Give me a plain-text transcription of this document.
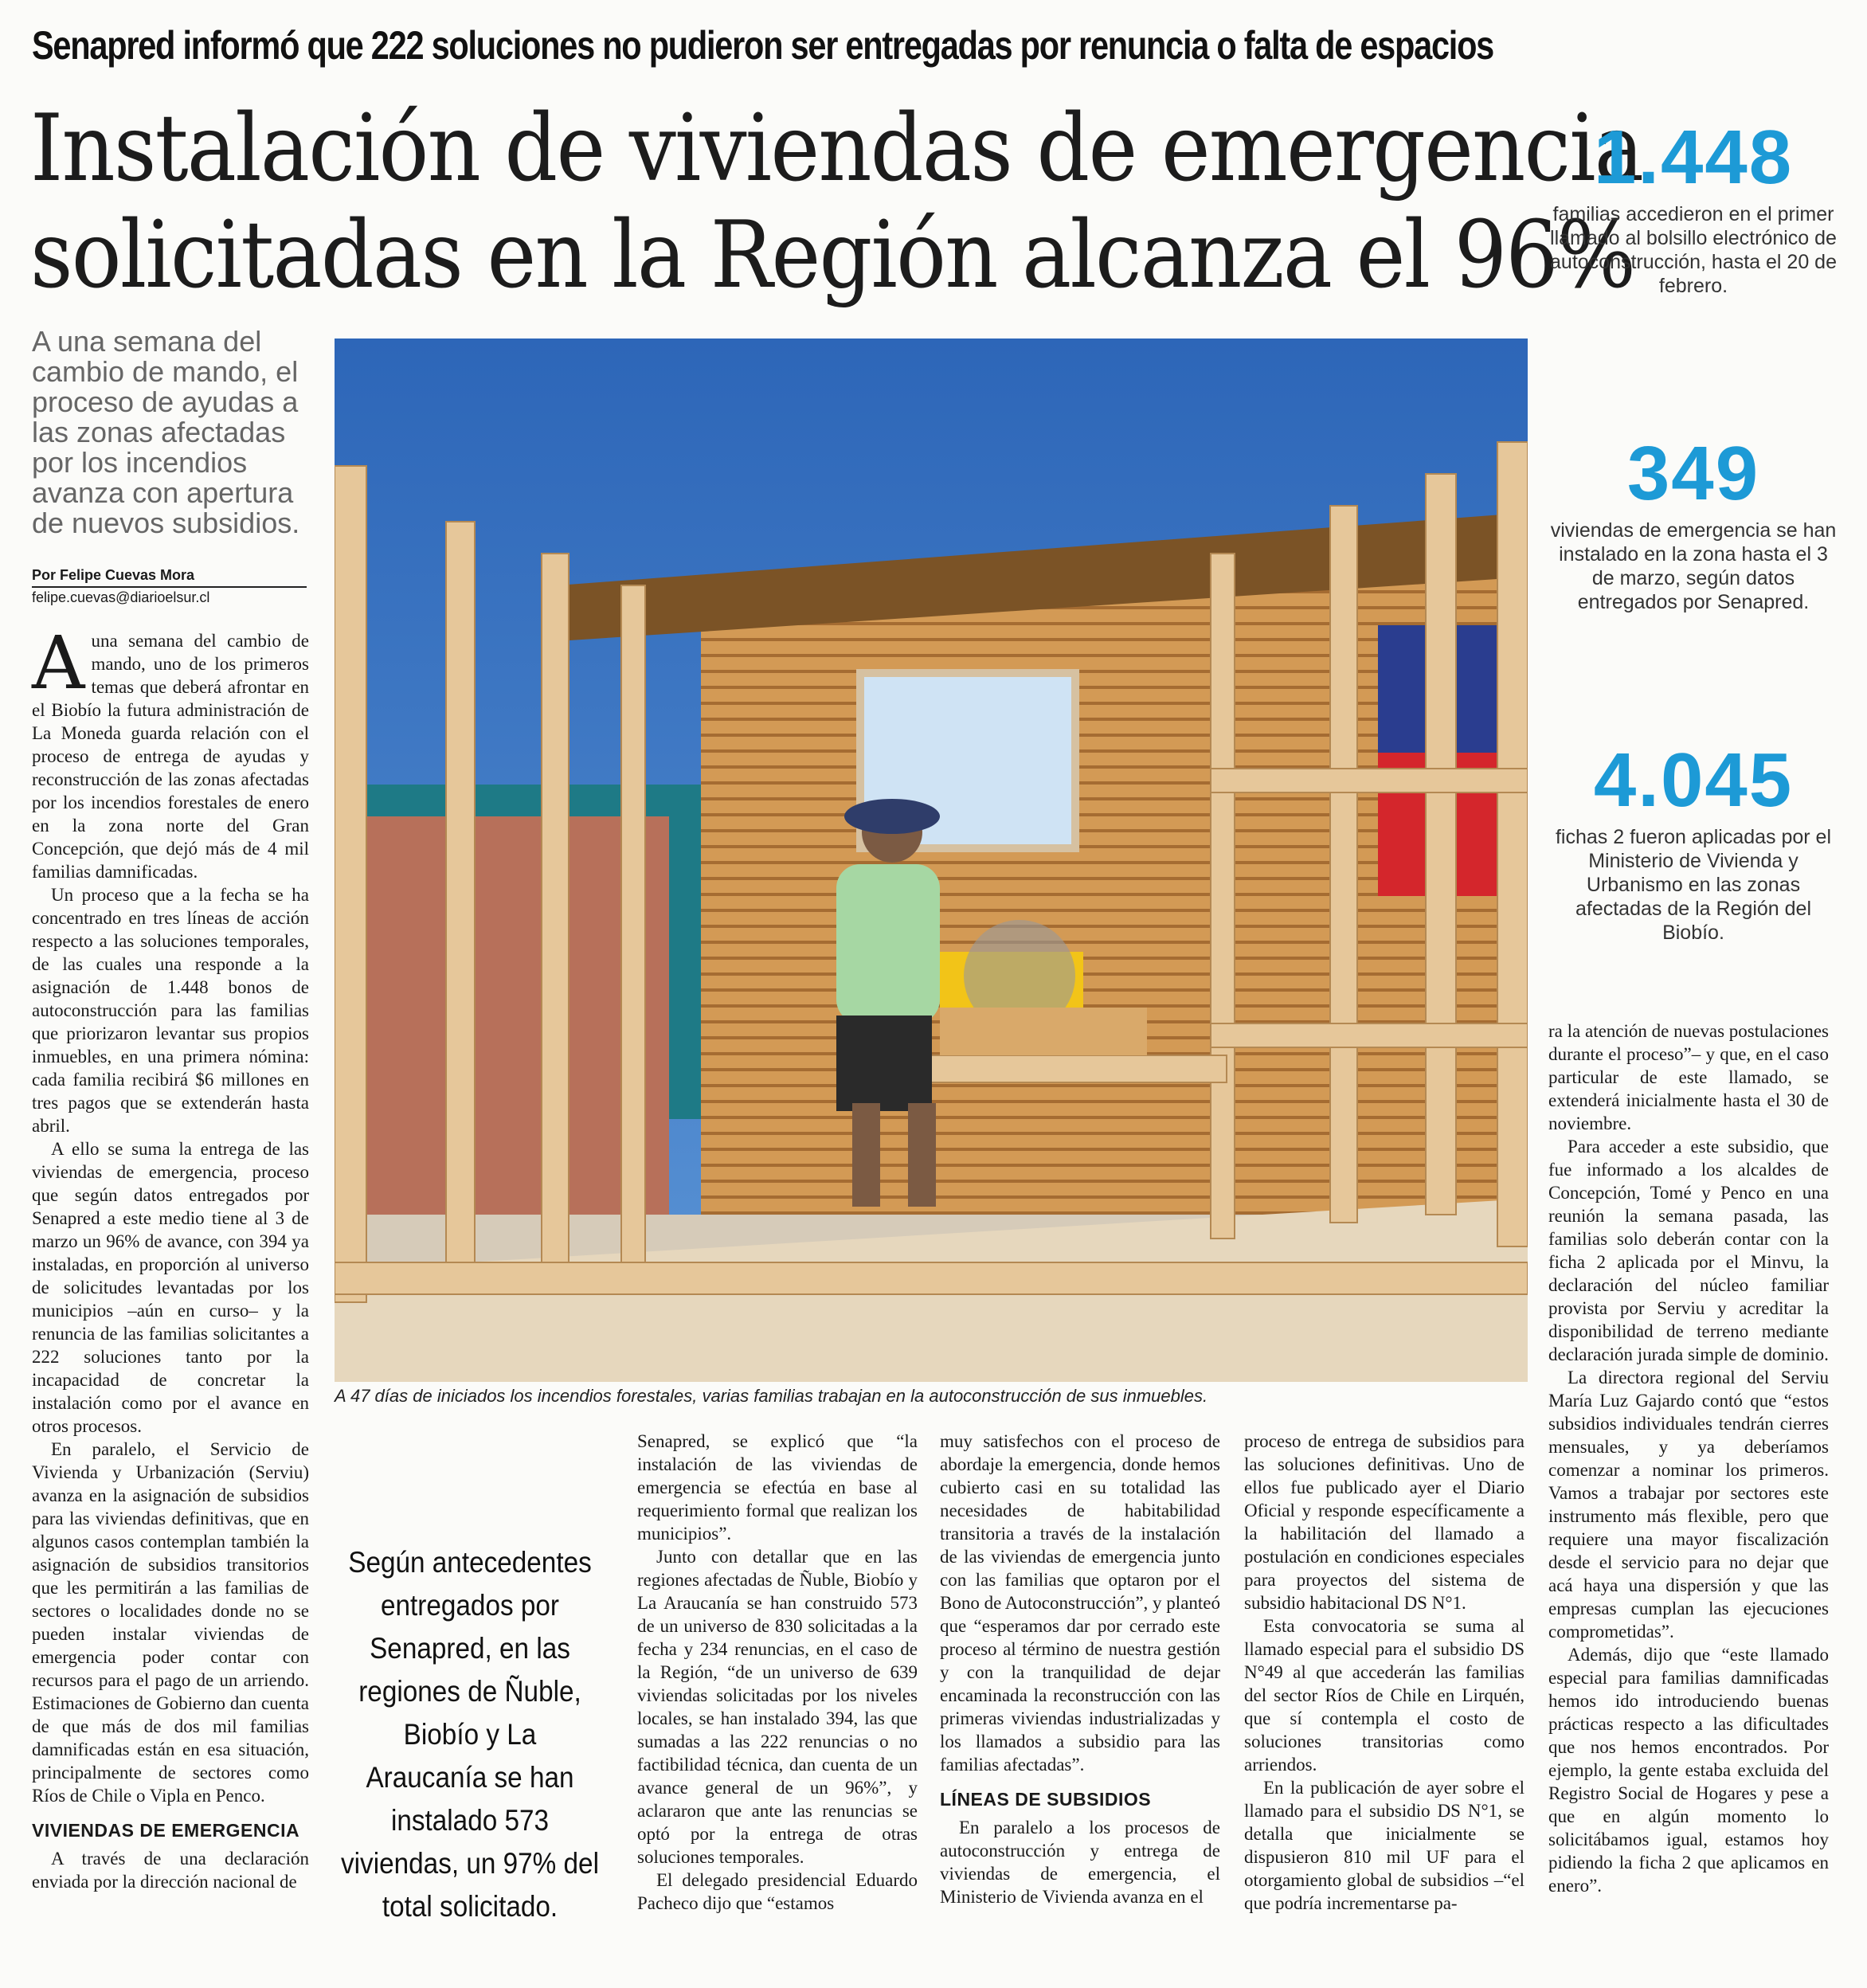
Senapred informó que 222 soluciones no pudieron ser entregadas por renuncia o falta de espacios
Instalación de viviendas de emergencia
solicitadas en la Región alcanza el 96%
1.448
familias accedieron en el primer llamado al bolsillo electrónico de autoconstrucción, hasta el 20 de febrero.
349
viviendas de emergencia se han instalado en la zona hasta el 3 de marzo, según datos entregados por Senapred.
4.045
fichas 2 fueron aplicadas por el Ministerio de Vivienda y Urbanismo en las zonas afectadas de la Región del Biobío.
A una semana del cambio de mando, el proceso de ayudas a las zonas afectadas por los incendios avanza con apertura de nuevos subsidios.
Por Felipe Cuevas Mora
felipe.cuevas@diarioelsur.cl
A 47 días de iniciados los incendios forestales, varias familias trabajan en la autoconstrucción de sus inmuebles.

Auna semana del cambio de mando, uno de los primeros temas que deberá afrontar en el Biobío la futura administración de La Moneda guarda relación con el proceso de entrega de ayudas y reconstrucción de las zonas afectadas por los incendios forestales de enero en la zona norte del Gran Concepción, que dejó más de 4 mil familias damnificadas.

Un proceso que a la fecha se ha concentrado en tres líneas de acción respecto a las soluciones temporales, de las cuales una responde a la asignación de 1.448 bonos de autoconstrucción para las familias que priorizaron levantar sus propios inmuebles, en una primera nómina: cada familia recibirá $6 millones en tres pagos que se extenderán hasta abril.

A ello se suma la entrega de las viviendas de emergencia, proceso que según datos entregados por Senapred a este medio tiene al 3 de marzo un 96% de avance, con 394 ya instaladas, en proporción al universo de solicitudes levantadas por los municipios –aún en curso– y la renuncia de las familias solicitantes a 222 soluciones tanto por la incapacidad de concretar la instalación como por el avance en otros procesos.

En paralelo, el Servicio de Vivienda y Urbanización (Serviu) avanza en la asignación de subsidios para las viviendas definitivas, que en algunos casos contemplan también la asignación de subsidios transitorios que les permitirán a las familias de sectores o localidades donde no se pueden instalar viviendas de emergencia poder contar con recursos para el pago de un arriendo. Estimaciones de Gobierno dan cuenta de que más de dos mil familias damnificadas están en esa situación, principalmente de sectores como Ríos de Chile o Vipla en Penco.

VIVIENDAS DE EMERGENCIA

A través de una declaración enviada por la dirección nacional de

Según antecedentes entregados por Senapred, en las regiones de Ñuble, Biobío y La Araucanía se han instalado 573 viviendas, un 97% del total solicitado.

Senapred, se explicó que “la instalación de las viviendas de emergencia se efectúa en base al requerimiento formal que realizan los municipios”.

Junto con detallar que en las regiones afectadas de Ñuble, Biobío y La Araucanía se han construido 573 de un universo de 830 solicitadas a la fecha y 234 renuncias, en el caso de la Región, “de un universo de 639 viviendas solicitadas por los niveles locales, se han instalado 394, las que sumadas a las 222 renuncias o no factibilidad técnica, dan cuenta de un avance general de un 96%”, y aclararon que ante las renuncias se optó por la entrega de otras soluciones temporales.

El delegado presidencial Eduardo Pacheco dijo que “estamos

muy satisfechos con el proceso de abordaje la emergencia, donde hemos cubierto casi en su totalidad las necesidades de habitabilidad transitoria a través de la instalación de las viviendas de emergencia junto con las familias que optaron por el Bono de Autoconstrucción”, y planteó que “esperamos dar por cerrado este proceso al término de nuestra gestión y con la tranquilidad de dejar encaminada la reconstrucción con las primeras viviendas industrializadas y los llamados a subsidio para las familias afectadas”.

LÍNEAS DE SUBSIDIOS

En paralelo a los procesos de autoconstrucción y entrega de viviendas de emergencia, el Ministerio de Vivienda avanza en el

proceso de entrega de subsidios para las soluciones definitivas. Uno de ellos fue publicado ayer el Diario Oficial y responde específicamente a la habilitación del llamado a postulación en condiciones especiales para proyectos del sistema de subsidio habitacional DS N°1.

Esta convocatoria se suma al llamado especial para el subsidio DS N°49 al que accederán las familias del sector Ríos de Chile en Lirquén, que sí contempla el costo de soluciones transitorias como arriendos.

En la publicación de ayer sobre el llamado para el subsidio DS N°1, se detalla que inicialmente se dispusieron 810 mil UF para el otorgamiento global de subsidios –“el que podría incrementarse pa-

ra la atención de nuevas postulaciones durante el proceso”– y que, en el caso particular de este llamado, se extenderá inicialmente hasta el 30 de noviembre.

Para acceder a este subsidio, que fue informado a los alcaldes de Concepción, Tomé y Penco en una reunión la semana pasada, las familias solo deberán contar con la ficha 2 aplicada por el Minvu, la declaración del núcleo familiar provista por Serviu y acreditar la disponibilidad de terreno mediante declaración jurada simple de dominio.

La directora regional del Serviu María Luz Gajardo contó que “estos subsidios individuales tendrán cierres mensuales, y ya deberíamos comenzar a nominar los primeros. Vamos a trabajar por sectores este instrumento más flexible, pero que requiere una mayor fiscalización desde el servicio para no dejar que acá haya una dispersión y que las empresas cumplan las ejecuciones comprometidas”.

Además, dijo que “este llamado especial para familias damnificadas hemos ido introduciendo buenas prácticas respecto a las dificultades que nos hemos encontrados. Por ejemplo, la gente estaba excluida del Registro Social de Hogares y pese a que en algún momento lo solicitábamos igual, estamos hoy pidiendo la ficha 2 que aplicamos en enero”.
